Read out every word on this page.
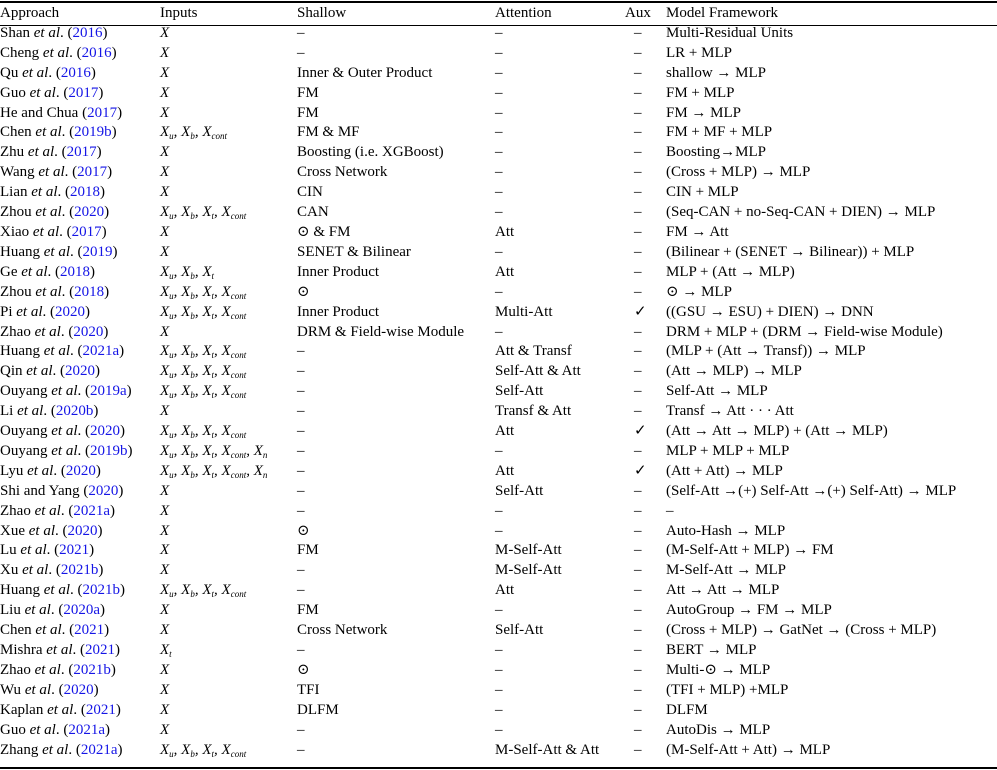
Approach	Inputs	Shallow	Attention	Aux	Model Framework
Shan et al. (2016)	X	–	–	–	Multi-Residual Units
Cheng et al. (2016)	X	–	–	–	LR + MLP
Qu et al. (2016)	X	Inner & Outer Product	–	–	shallow → MLP
Guo et al. (2017)	X	FM	–	–	FM + MLP
He and Chua (2017)	X	FM	–	–	FM → MLP
Chen et al. (2019b)	$X_u$, $X_b$, $X_{cont}$	FM & MF	–	–	FM + MF + MLP
Zhu et al. (2017)	X	Boosting (i.e. XGBoost)	–	–	Boosting→MLP
Wang et al. (2017)	X	Cross Network	–	–	(Cross + MLP) → MLP
Lian et al. (2018)	X	CIN	–	–	CIN + MLP
Zhou et al. (2020)	$X_u$, $X_b$, $X_t$, $X_{cont}$	CAN	–	–	(Seq-CAN + no-Seq-CAN + DIEN) → MLP
Xiao et al. (2017)	X	⊙ & FM	Att	–	FM → Att
Huang et al. (2019)	X	SENET & Bilinear	–	–	(Bilinear + (SENET → Bilinear)) + MLP
Ge et al. (2018)	$X_u$, $X_b$, $X_t$	Inner Product	Att	–	MLP + (Att → MLP)
Zhou et al. (2018)	$X_u$, $X_b$, $X_t$, $X_{cont}$	⊙	–	–	⊙ → MLP
Pi et al. (2020)	$X_u$, $X_b$, $X_t$, $X_{cont}$	Inner Product	Multi-Att	✓	((GSU → ESU) + DIEN) → DNN
Zhao et al. (2020)	X	DRM & Field-wise Module	–	–	DRM + MLP + (DRM → Field-wise Module)
Huang et al. (2021a)	$X_u$, $X_b$, $X_t$, $X_{cont}$	–	Att & Transf	–	(MLP + (Att → Transf)) → MLP
Qin et al. (2020)	$X_u$, $X_b$, $X_t$, $X_{cont}$	–	Self-Att & Att	–	(Att → MLP) → MLP
Ouyang et al. (2019a)	$X_u$, $X_b$, $X_t$, $X_{cont}$	–	Self-Att	–	Self-Att → MLP
Li et al. (2020b)	X	–	Transf & Att	–	Transf → Att · · · Att
Ouyang et al. (2020)	$X_u$, $X_b$, $X_t$, $X_{cont}$	–	Att	✓	(Att → Att → MLP) + (Att → MLP)
Ouyang et al. (2019b)	$X_u$, $X_b$, $X_t$, $X_{cont}$, $X_n$	–	–	–	MLP + MLP + MLP
Lyu et al. (2020)	$X_u$, $X_b$, $X_t$, $X_{cont}$, $X_n$	–	Att	✓	(Att + Att) → MLP
Shi and Yang (2020)	X	–	Self-Att	–	(Self-Att →(+) Self-Att →(+) Self-Att) → MLP
Zhao et al. (2021a)	X	–	–	–	–
Xue et al. (2020)	X	⊙	–	–	Auto-Hash → MLP
Lu et al. (2021)	X	FM	M-Self-Att	–	(M-Self-Att + MLP) → FM
Xu et al. (2021b)	X	–	M-Self-Att	–	M-Self-Att → MLP
Huang et al. (2021b)	$X_u$, $X_b$, $X_t$, $X_{cont}$	–	Att	–	Att → Att → MLP
Liu et al. (2020a)	X	FM	–	–	AutoGroup → FM → MLP
Chen et al. (2021)	X	Cross Network	Self-Att	–	(Cross + MLP) → GatNet → (Cross + MLP)
Mishra et al. (2021)	$X_t$	–	–	–	BERT → MLP
Zhao et al. (2021b)	X	⊙	–	–	Multi-⊙ → MLP
Wu et al. (2020)	X	TFI	–	–	(TFI + MLP) +MLP
Kaplan et al. (2021)	X	DLFM	–	–	DLFM
Guo et al. (2021a)	X	–	–	–	AutoDis → MLP
Zhang et al. (2021a)	$X_u$, $X_b$, $X_t$, $X_{cont}$	–	M-Self-Att & Att	–	(M-Self-Att + Att) → MLP
